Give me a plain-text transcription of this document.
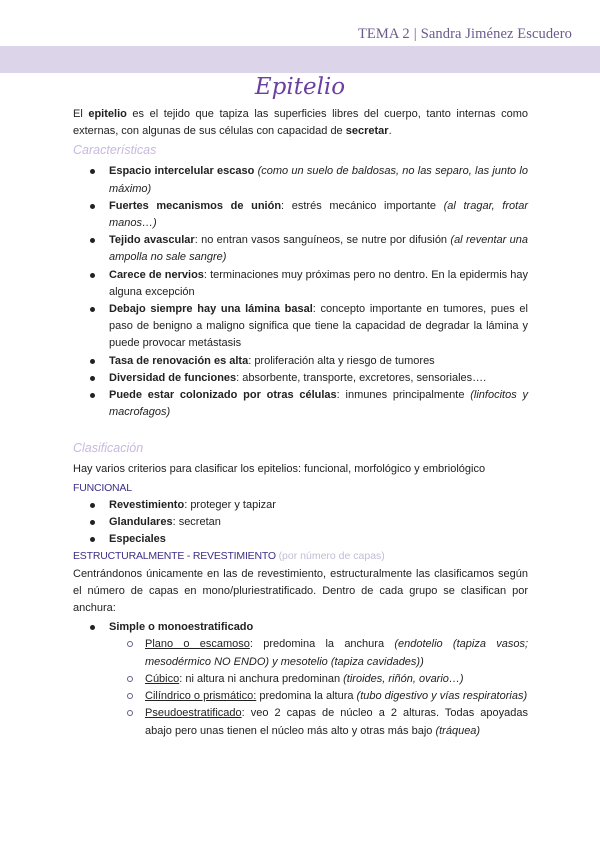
TEMA 2 | Sandra Jiménez Escudero
Epitelio

El epitelio es el tejido que tapiza las superficies libres del cuerpo, tanto internas como externas, con algunas de sus células con capacidad de secretar.

Características
Espacio intercelular escaso (como un suelo de baldosas, no las separo, las junto lo máximo)
Fuertes mecanismos de unión: estrés mecánico importante (al tragar, frotar manos…)
Tejido avascular: no entran vasos sanguíneos, se nutre por difusión (al reventar una ampolla no sale sangre)
Carece de nervios: terminaciones muy próximas pero no dentro. En la epidermis hay alguna excepción
Debajo siempre hay una lámina basal: concepto importante en tumores, pues el paso de benigno a maligno significa que tiene la capacidad de degradar la lámina y puede provocar metástasis
Tasa de renovación es alta: proliferación alta y riesgo de tumores
Diversidad de funciones: absorbente, transporte, excretores, sensoriales….
Puede estar colonizado por otras células: inmunes principalmente (linfocitos y macrofagos)
Clasificación

Hay varios criterios para clasificar los epitelios: funcional, morfológico y embriológico

FUNCIONAL
Revestimiento: proteger y tapizar
Glandulares: secretan
Especiales
ESTRUCTURALMENTE - REVESTIMIENTO (por número de capas)

Centrándonos únicamente en las de revestimiento, estructuralmente las clasificamos según el número de capas en mono/pluriestratificado. Dentro de cada grupo se clasifican por anchura:

Simple o monoestratificado
Plano o escamoso: predomina la anchura (endotelio (tapiza vasos; mesodérmico NO ENDO) y mesotelio (tapiza cavidades))
Cúbico: ni altura ni anchura predominan (tiroides, riñón, ovario…)
Cilíndrico o prismático: predomina la altura (tubo digestivo y vías respiratorias)
Pseudoestratificado: veo 2 capas de núcleo a 2 alturas. Todas apoyadas abajo pero unas tienen el núcleo más alto y otras más bajo (tráquea)
